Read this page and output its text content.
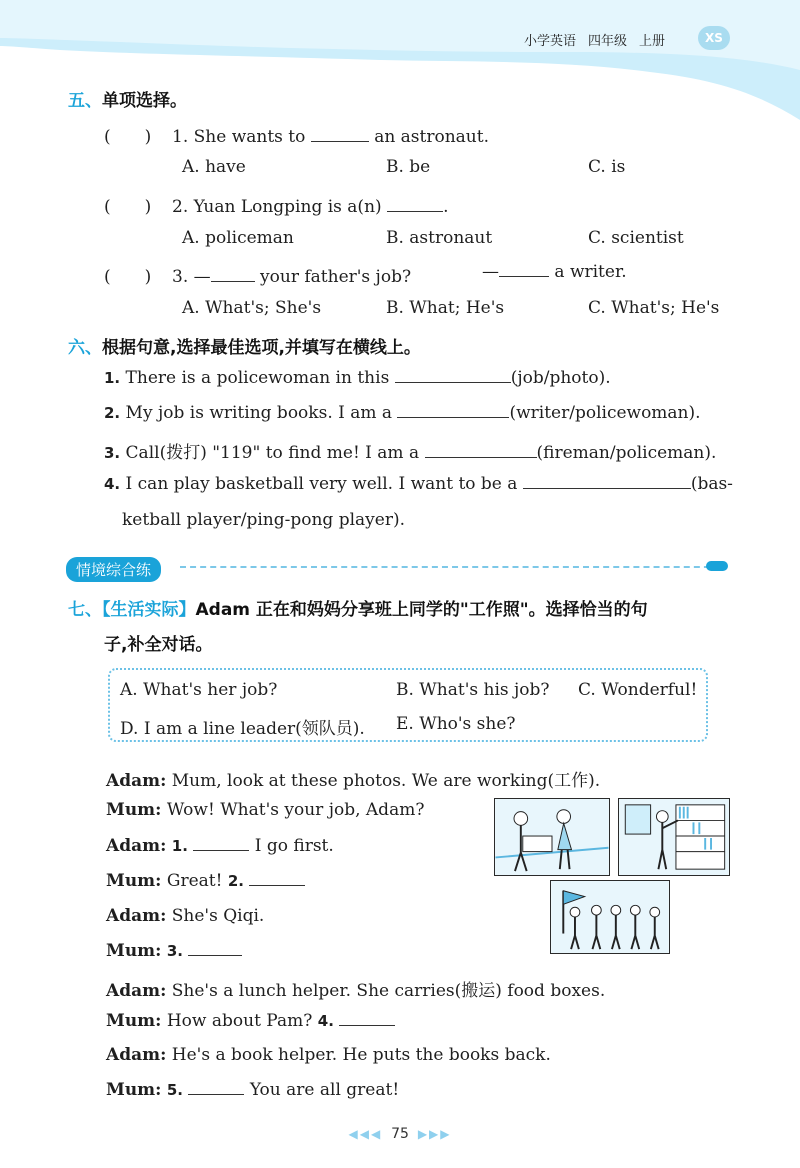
小学英语 四年级 上册	XS
五、单项选择。
(　　) 1. She wants to	an astronaut.
A. have	B. be	C. is
(　　) 2. Yuan Longping is a(n)	.
A. policeman	B. astronaut	C. scientist
(　　) 3. —	your father's job?	—	a writer.
A. What's; She's	B. What; He's	C. What's; He's
六、根据句意,选择最佳选项,并填写在横线上。
1. There is a policewoman in this	(job/photo).
2. My job is writing books. I am a	(writer/policewoman).
3. Call(拨打) "119" to find me! I am a	(fireman/policeman).
4. I can play basketball very well. I want to be a	(bas-
ketball player/ping-pong player).
情境综合练
七、【生活实际】Adam 正在和妈妈分享班上同学的"工作照"。选择恰当的句
子,补全对话。
A. What's her job?	B. What's his job? C. Wonderful!
D. I am a line leader(领队员). E. Who's she?
Adam: Mum, look at these photos. We are working(工作).
Mum: Wow! What's your job, Adam?
Adam: 1.	I go first.
Mum: Great! 2.
Adam: She's Qiqi.
Mum: 3.
Adam: She's a lunch helper. She carries(搬运) food boxes.
Mum: How about Pam? 4.
Adam: He's a book helper. He puts the books back.
Mum: 5.	You are all great!
◀◀◀ 75 ▶▶▶
